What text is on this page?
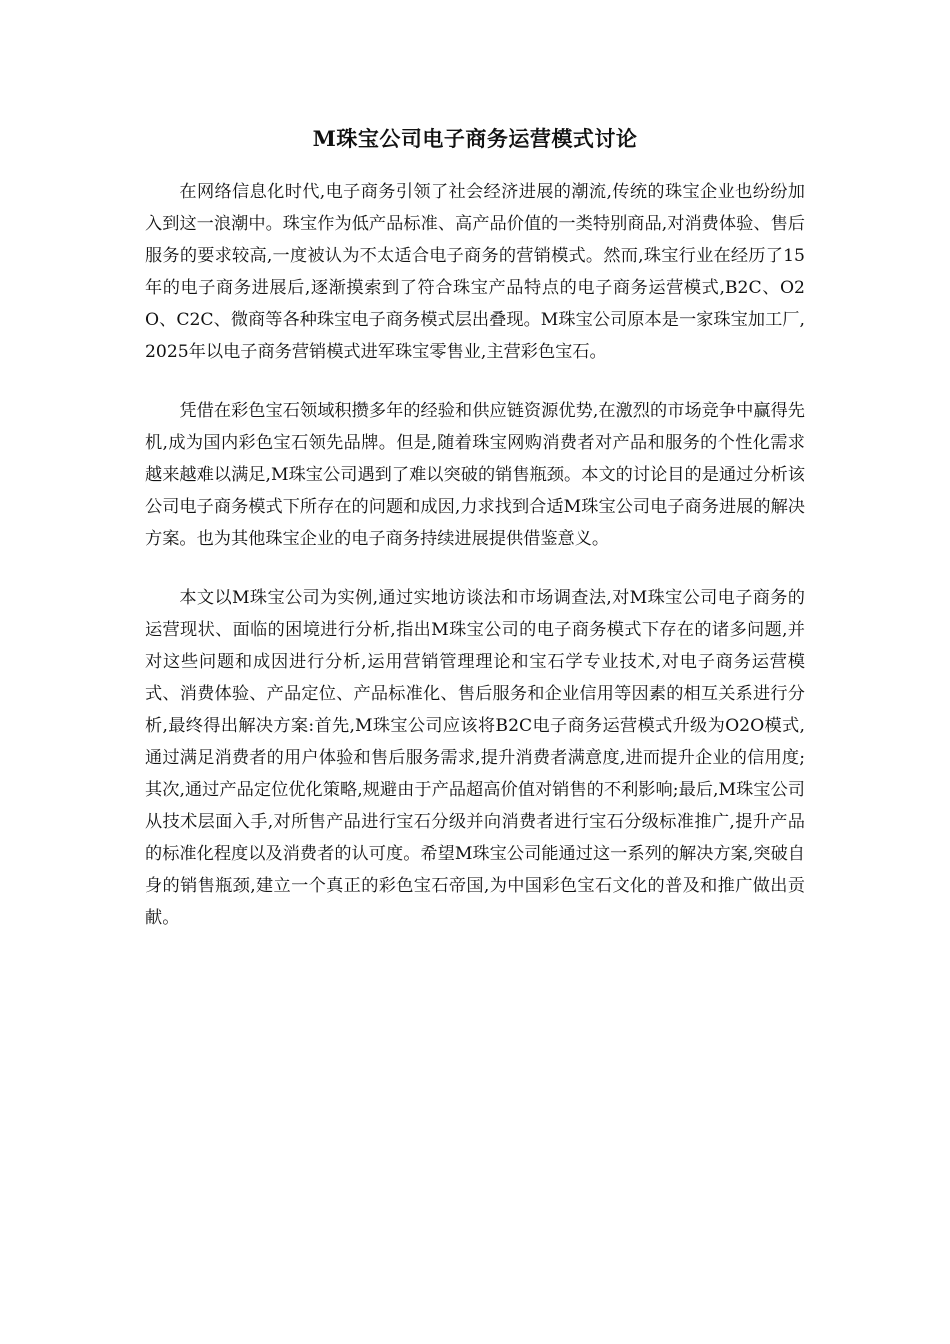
M珠宝公司电子商务运营模式讨论

在网络信息化时代,电子商务引领了社会经济进展的潮流,传统的珠宝企业也纷纷加入到这一浪潮中。珠宝作为低产品标准、高产品价值的一类特别商品,对消费体验、售后服务的要求较高,一度被认为不太适合电子商务的营销模式。然而,珠宝行业在经历了15年的电子商务进展后,逐渐摸索到了符合珠宝产品特点的电子商务运营模式,B2C、O2O、C2C、微商等各种珠宝电子商务模式层出叠现。M珠宝公司原本是一家珠宝加工厂,2025年以电子商务营销模式进军珠宝零售业,主营彩色宝石。

凭借在彩色宝石领域积攒多年的经验和供应链资源优势,在激烈的市场竞争中赢得先机,成为国内彩色宝石领先品牌。但是,随着珠宝网购消费者对产品和服务的个性化需求越来越难以满足,M珠宝公司遇到了难以突破的销售瓶颈。本文的讨论目的是通过分析该公司电子商务模式下所存在的问题和成因,力求找到合适M珠宝公司电子商务进展的解决方案。也为其他珠宝企业的电子商务持续进展提供借鉴意义。

本文以M珠宝公司为实例,通过实地访谈法和市场调查法,对M珠宝公司电子商务的运营现状、面临的困境进行分析,指出M珠宝公司的电子商务模式下存在的诸多问题,并对这些问题和成因进行分析,运用营销管理理论和宝石学专业技术,对电子商务运营模式、消费体验、产品定位、产品标准化、售后服务和企业信用等因素的相互关系进行分析,最终得出解决方案:首先,M珠宝公司应该将B2C电子商务运营模式升级为O2O模式,通过满足消费者的用户体验和售后服务需求,提升消费者满意度,进而提升企业的信用度;其次,通过产品定位优化策略,规避由于产品超高价值对销售的不利影响;最后,M珠宝公司从技术层面入手,对所售产品进行宝石分级并向消费者进行宝石分级标准推广,提升产品的标准化程度以及消费者的认可度。希望M珠宝公司能通过这一系列的解决方案,突破自身的销售瓶颈,建立一个真正的彩色宝石帝国,为中国彩色宝石文化的普及和推广做出贡献。
